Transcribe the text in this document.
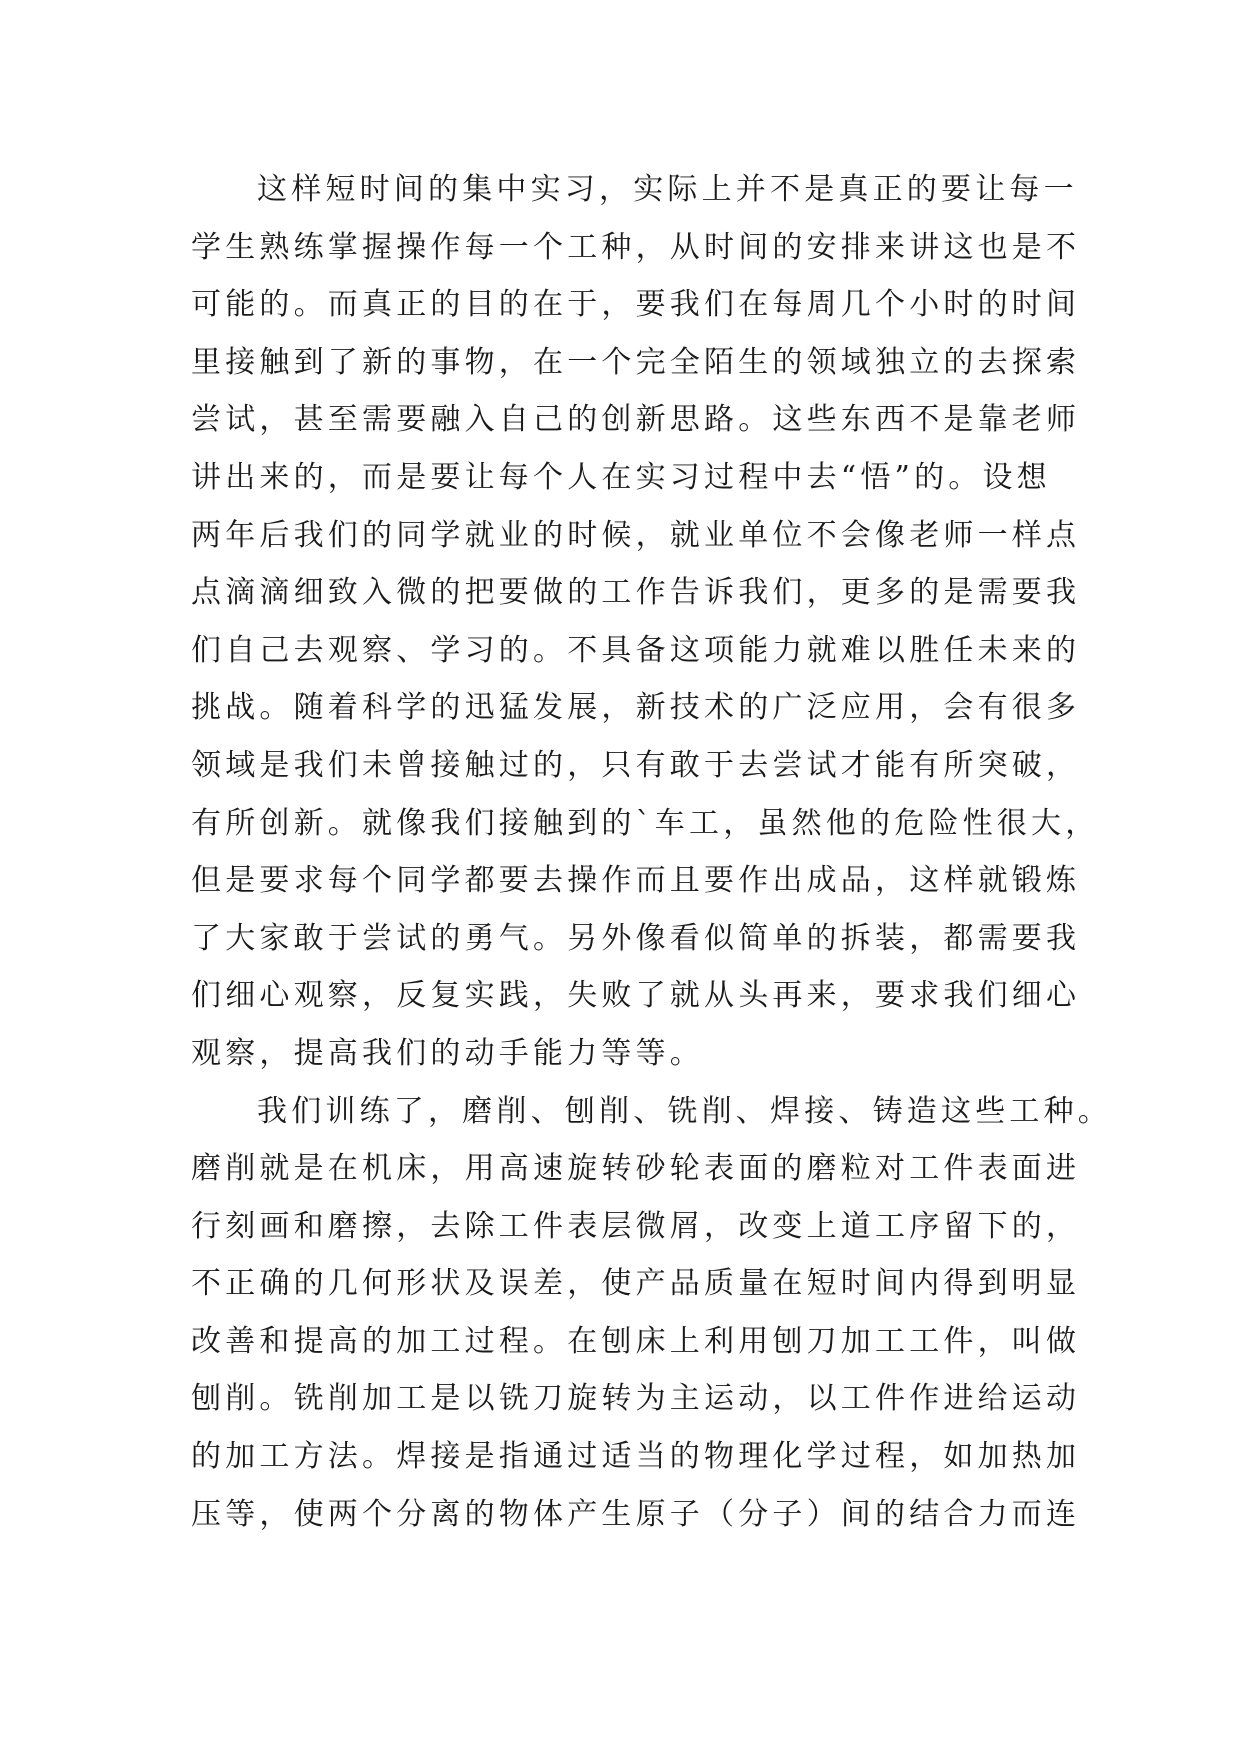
这样短时间的集中实习，实际上并不是真正的要让每一
学生熟练掌握操作每一个工种，从时间的安排来讲这也是不
可能的。而真正的目的在于，要我们在每周几个小时的时间
里接触到了新的事物，在一个完全陌生的领域独立的去探索
尝试，甚至需要融入自己的创新思路。这些东西不是靠老师
讲出来的，而是要让每个人在实习过程中去“悟”的。设想
两年后我们的同学就业的时候，就业单位不会像老师一样点
点滴滴细致入微的把要做的工作告诉我们，更多的是需要我
们自己去观察、学习的。不具备这项能力就难以胜任未来的
挑战。随着科学的迅猛发展，新技术的广泛应用，会有很多
领域是我们未曾接触过的，只有敢于去尝试才能有所突破，
有所创新。就像我们接触到的`车工，虽然他的危险性很大，
但是要求每个同学都要去操作而且要作出成品，这样就锻炼
了大家敢于尝试的勇气。另外像看似简单的拆装，都需要我
们细心观察，反复实践，失败了就从头再来，要求我们细心
观察，提高我们的动手能力等等。
我们训练了，磨削、刨削、铣削、焊接、铸造这些工种。
磨削就是在机床，用高速旋转砂轮表面的磨粒对工件表面进
行刻画和磨擦，去除工件表层微屑，改变上道工序留下的，
不正确的几何形状及误差，使产品质量在短时间内得到明显
改善和提高的加工过程。在刨床上利用刨刀加工工件，叫做
刨削。铣削加工是以铣刀旋转为主运动，以工件作进给运动
的加工方法。焊接是指通过适当的物理化学过程，如加热加
压等，使两个分离的物体产生原子（分子）间的结合力而连
